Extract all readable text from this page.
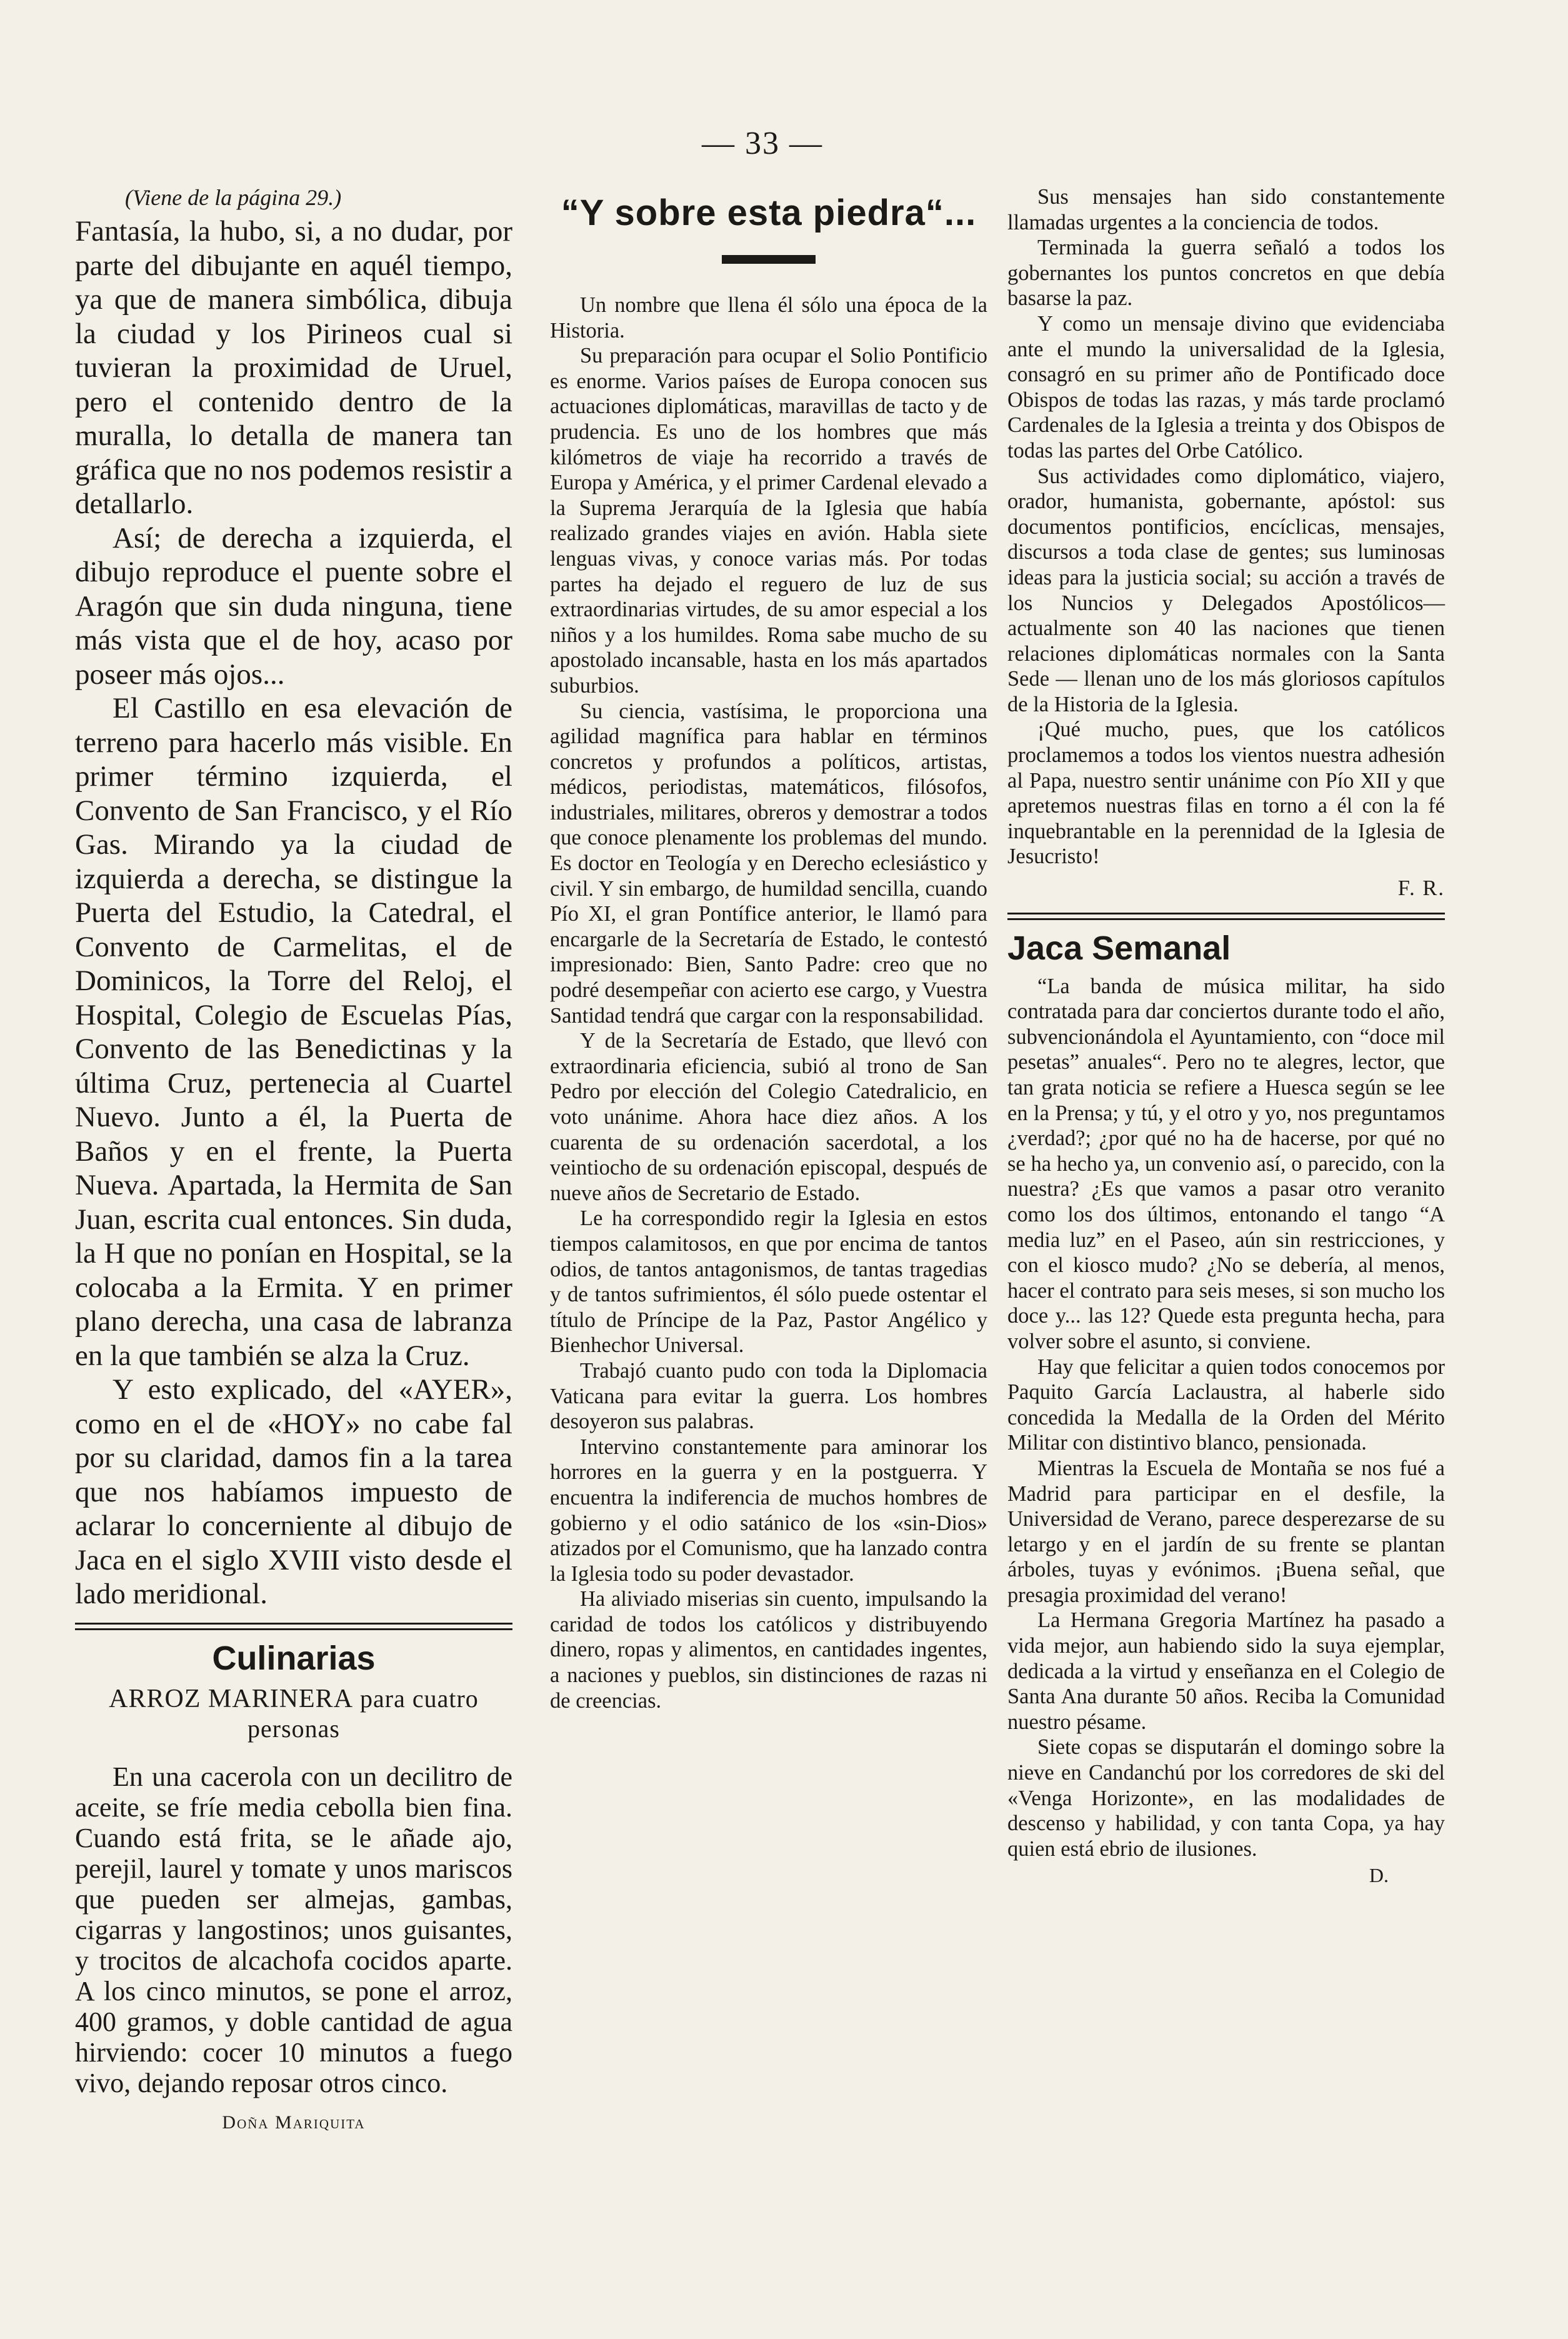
— 33 —
(Viene de la página 29.)

Fantasía, la hubo, si, a no dudar, por parte del dibujante en aquél tiempo, ya que de manera simbólica, dibuja la ciudad y los Pirineos cual si tuvieran la proximidad de Uruel, pero el contenido dentro de la muralla, lo detalla de manera tan gráfica que no nos podemos resistir a detallarlo.

Así; de derecha a izquierda, el dibujo reproduce el puente sobre el Aragón que sin duda ninguna, tiene más vista que el de hoy, acaso por poseer más ojos...

El Castillo en esa elevación de terreno para hacerlo más visible. En primer término izquierda, el Convento de San Francisco, y el Río Gas. Mirando ya la ciudad de izquierda a derecha, se distingue la Puerta del Estudio, la Catedral, el Convento de Carmelitas, el de Dominicos, la Torre del Reloj, el Hospital, Colegio de Escuelas Pías, Convento de las Benedictinas y la última Cruz, pertenecia al Cuartel Nuevo. Junto a él, la Puerta de Baños y en el frente, la Puerta Nueva. Apartada, la Hermita de San Juan, escrita cual entonces. Sin duda, la H que no ponían en Hospital, se la colocaba a la Ermita. Y en primer plano derecha, una casa de labranza en la que también se alza la Cruz.

Y esto explicado, del «AYER», como en el de «HOY» no cabe fal por su claridad, damos fin a la tarea que nos habíamos impuesto de aclarar lo concerniente al dibujo de Jaca en el siglo XVIII visto desde el lado meridional.

Culinarias
ARROZ MARINERA para cuatro personas

En una cacerola con un decilitro de aceite, se fríe media cebolla bien fina. Cuando está frita, se le añade ajo, perejil, laurel y tomate y unos mariscos que pueden ser almejas, gambas, cigarras y langostinos; unos guisantes, y trocitos de alcachofa cocidos aparte. A los cinco minutos, se pone el arroz, 400 gramos, y doble cantidad de agua hirviendo: cocer 10 minutos a fuego vivo, dejando reposar otros cinco.

Doña Mariquita
“Y sobre esta piedra“...

Un nombre que llena él sólo una época de la Historia.

Su preparación para ocupar el Solio Pontificio es enorme. Varios países de Europa conocen sus actuaciones diplomáticas, maravillas de tacto y de prudencia. Es uno de los hombres que más kilómetros de viaje ha recorrido a través de Europa y América, y el primer Cardenal elevado a la Suprema Jerarquía de la Iglesia que había realizado grandes viajes en avión. Habla siete lenguas vivas, y conoce varias más. Por todas partes ha dejado el reguero de luz de sus extraordinarias virtudes, de su amor especial a los niños y a los humildes. Roma sabe mucho de su apostolado incansable, hasta en los más apartados suburbios.

Su ciencia, vastísima, le proporciona una agilidad magnífica para hablar en términos concretos y profundos a políticos, artistas, médicos, periodistas, matemáticos, filósofos, industriales, militares, obreros y demostrar a todos que conoce plenamente los problemas del mundo. Es doctor en Teología y en Derecho eclesiástico y civil. Y sin embargo, de humildad sencilla, cuando Pío XI, el gran Pontífice anterior, le llamó para encargarle de la Secretaría de Estado, le contestó impresionado: Bien, Santo Padre: creo que no podré desempeñar con acierto ese cargo, y Vuestra Santidad tendrá que cargar con la responsabilidad.

Y de la Secretaría de Estado, que llevó con extraordinaria eficiencia, subió al trono de San Pedro por elección del Colegio Catedralicio, en voto unánime. Ahora hace diez años. A los cuarenta de su ordenación sacerdotal, a los veintiocho de su ordenación episcopal, después de nueve años de Secretario de Estado.

Le ha correspondido regir la Iglesia en estos tiempos calamitosos, en que por encima de tantos odios, de tantos antagonismos, de tantas tragedias y de tantos sufrimientos, él sólo puede ostentar el título de Príncipe de la Paz, Pastor Angélico y Bienhechor Universal.

Trabajó cuanto pudo con toda la Diplomacia Vaticana para evitar la guerra. Los hombres desoyeron sus palabras.

Intervino constantemente para aminorar los horrores en la guerra y en la postguerra. Y encuentra la indiferencia de muchos hombres de gobierno y el odio satánico de los «sin-Dios» atizados por el Comunismo, que ha lanzado contra la Iglesia todo su poder devastador.

Ha aliviado miserias sin cuento, impulsando la caridad de todos los católicos y distribuyendo dinero, ropas y alimentos, en cantidades ingentes, a naciones y pueblos, sin distinciones de razas ni de creencias.

Sus mensajes han sido constantemente llamadas urgentes a la conciencia de todos.

Terminada la guerra señaló a todos los gobernantes los puntos concretos en que debía basarse la paz.

Y como un mensaje divino que evidenciaba ante el mundo la universalidad de la Iglesia, consagró en su primer año de Pontificado doce Obispos de todas las razas, y más tarde proclamó Cardenales de la Iglesia a treinta y dos Obispos de todas las partes del Orbe Católico.

Sus actividades como diplomático, viajero, orador, humanista, gobernante, apóstol: sus documentos pontificios, encíclicas, mensajes, discursos a toda clase de gentes; sus luminosas ideas para la justicia social; su acción a través de los Nuncios y Delegados Apostólicos—actualmente son 40 las naciones que tienen relaciones diplomáticas normales con la Santa Sede — llenan uno de los más gloriosos capítulos de la Historia de la Iglesia.

¡Qué mucho, pues, que los católicos proclamemos a todos los vientos nuestra adhesión al Papa, nuestro sentir unánime con Pío XII y que apretemos nuestras filas en torno a él con la fé inquebrantable en la perennidad de la Iglesia de Jesucristo!

F. R.

Jaca Semanal

“La banda de música militar, ha sido contratada para dar conciertos durante todo el año, subvencionándola el Ayuntamiento, con “doce mil pesetas” anuales“. Pero no te alegres, lector, que tan grata noticia se refiere a Huesca según se lee en la Prensa; y tú, y el otro y yo, nos preguntamos ¿verdad?; ¿por qué no ha de hacerse, por qué no se ha hecho ya, un convenio así, o parecido, con la nuestra? ¿Es que vamos a pasar otro veranito como los dos últimos, entonando el tango “A media luz” en el Paseo, aún sin restricciones, y con el kiosco mudo? ¿No se debería, al menos, hacer el contrato para seis meses, si son mucho los doce y... las 12? Quede esta pregunta hecha, para volver sobre el asunto, si conviene.

Hay que felicitar a quien todos conocemos por Paquito García Laclaustra, al haberle sido concedida la Medalla de la Orden del Mérito Militar con distintivo blanco, pensionada.

Mientras la Escuela de Montaña se nos fué a Madrid para participar en el desfile, la Universidad de Verano, parece desperezarse de su letargo y en el jardín de su frente se plantan árboles, tuyas y evónimos. ¡Buena señal, que presagia proximidad del verano!

La Hermana Gregoria Martínez ha pasado a vida mejor, aun habiendo sido la suya ejemplar, dedicada a la virtud y enseñanza en el Colegio de Santa Ana durante 50 años. Reciba la Comunidad nuestro pésame.

Siete copas se disputarán el domingo sobre la nieve en Candanchú por los corredores de ski del «Venga Horizonte», en las modalidades de descenso y habilidad, y con tanta Copa, ya hay quien está ebrio de ilusiones.

D.
